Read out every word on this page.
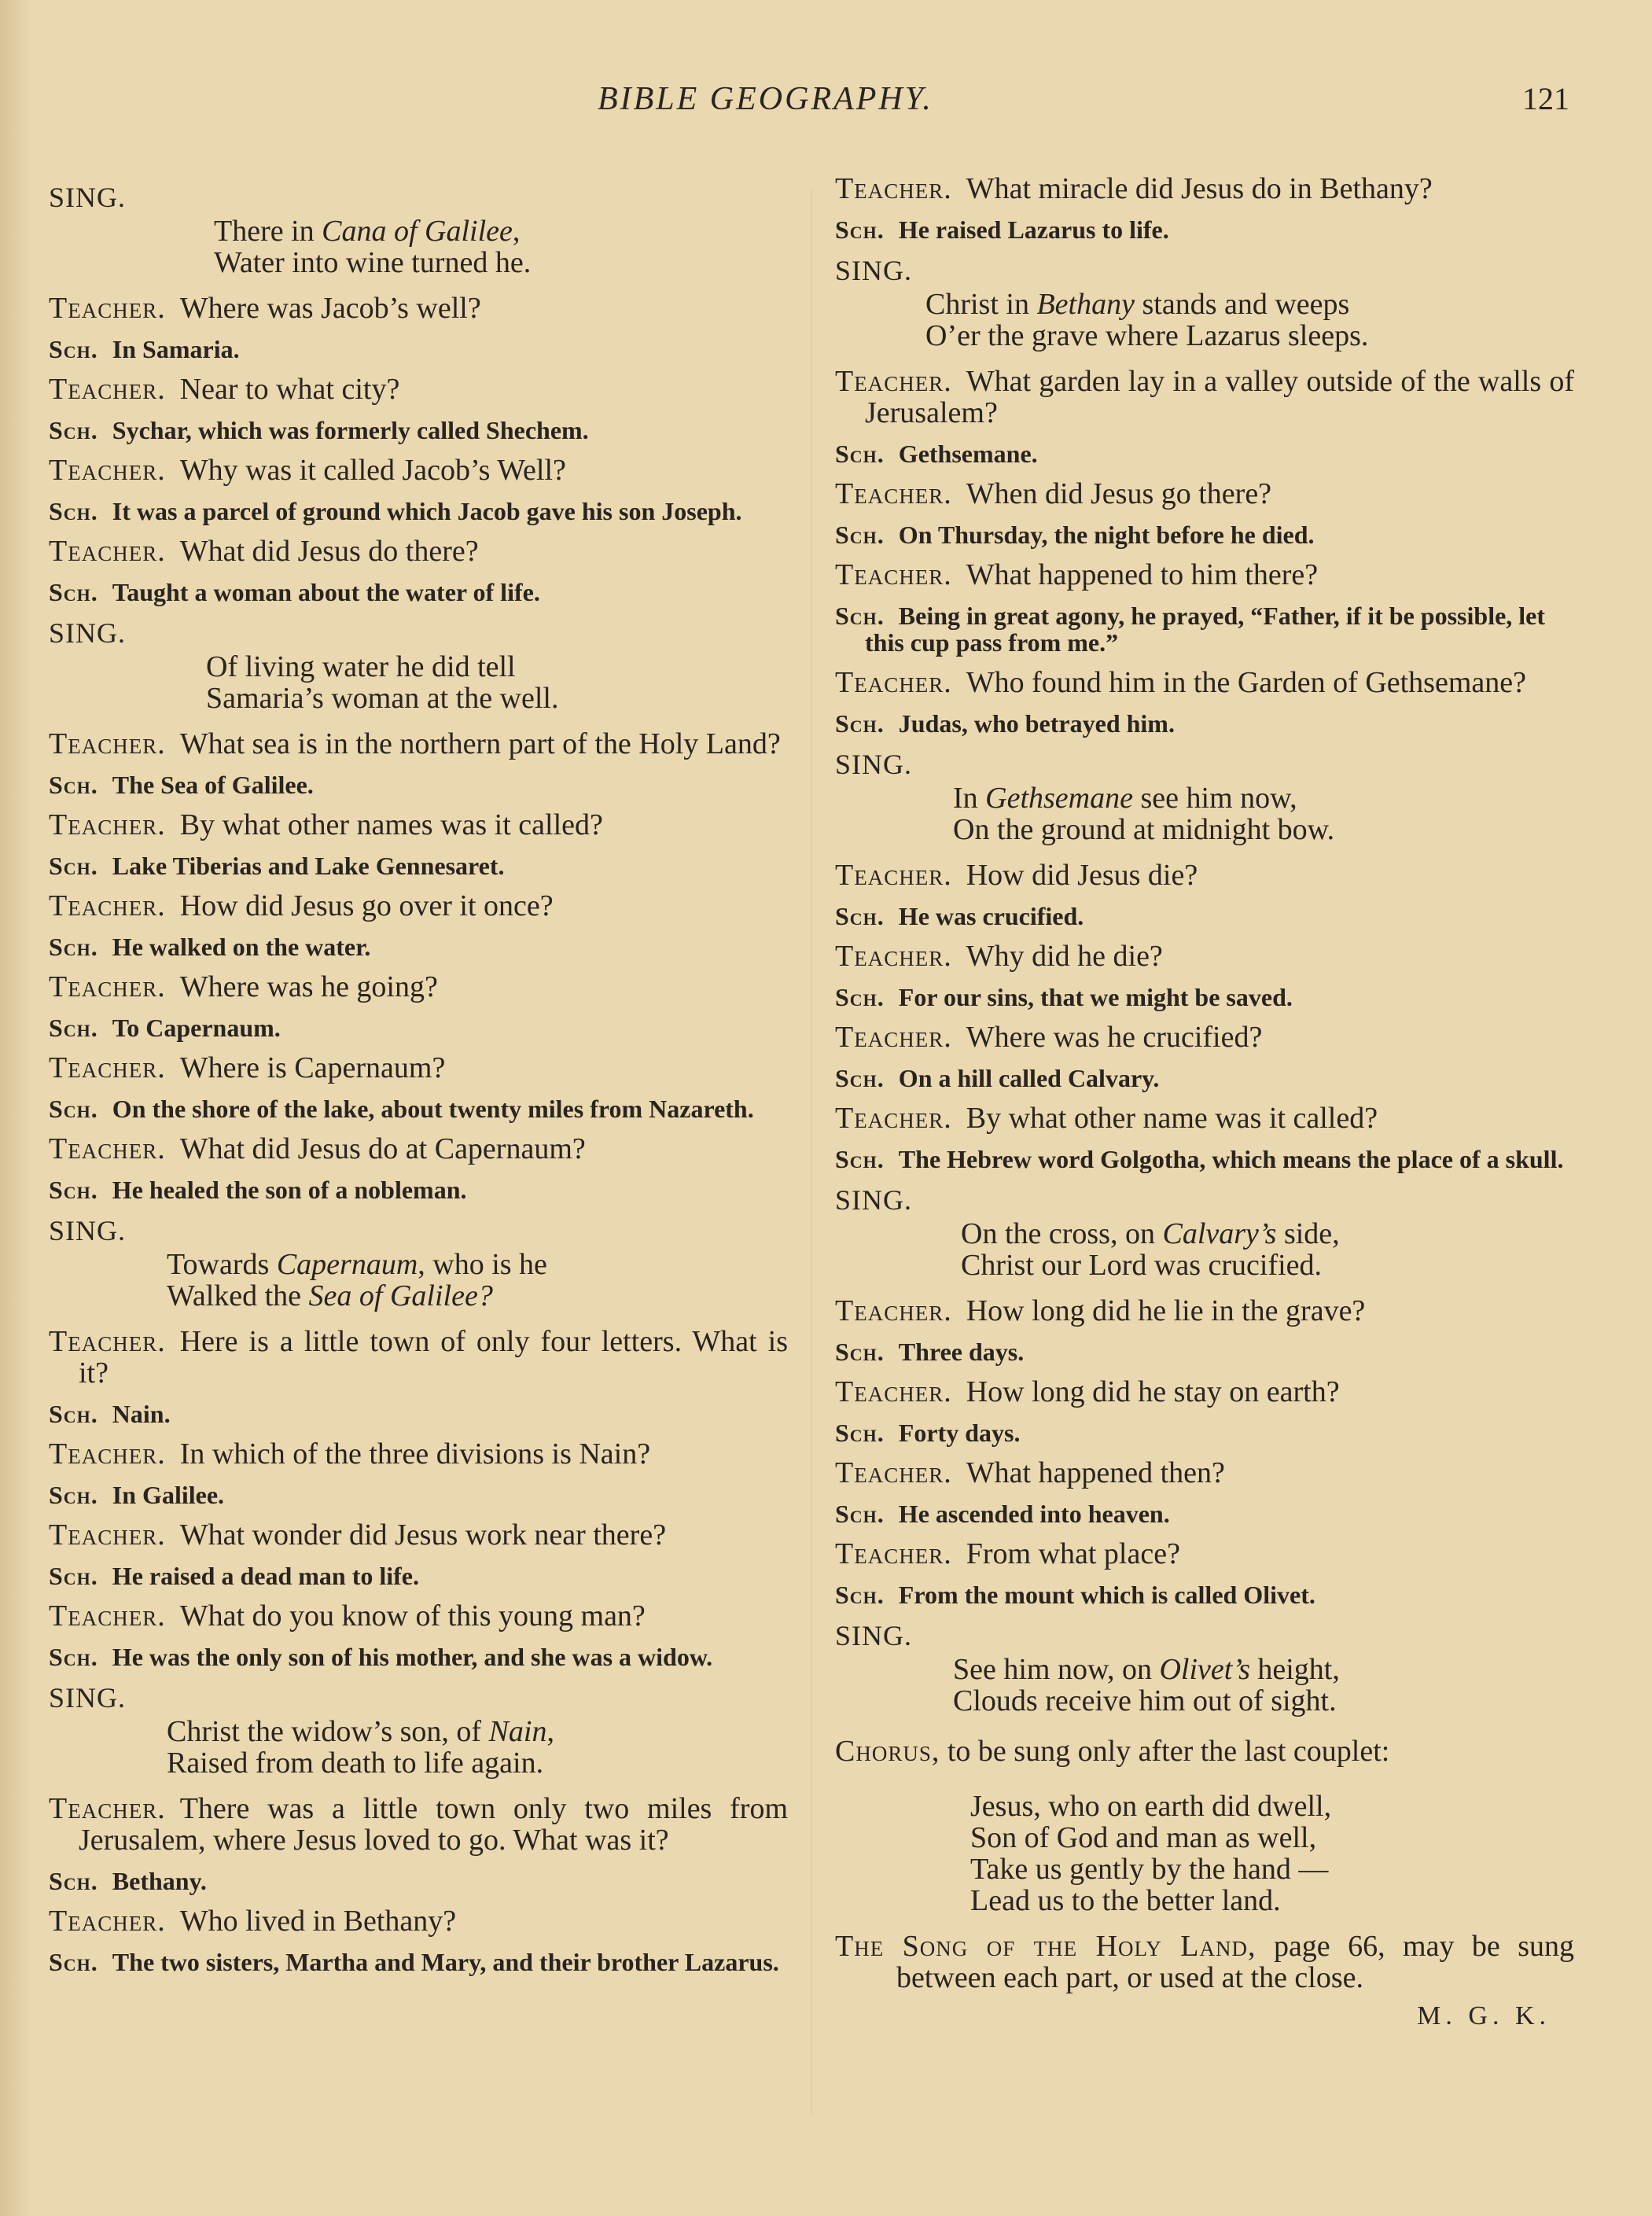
BIBLE GEOGRAPHY.	121
SING.
There in Cana of Galilee,
Water into wine turned he.
Teacher. Where was Jacob’s well?
Sch. In Samaria.
Teacher. Near to what city?
Sch. Sychar, which was formerly called Shechem.
Teacher. Why was it called Jacob’s Well?
Sch. It was a parcel of ground which Jacob gave his son Joseph.
Teacher. What did Jesus do there?
Sch. Taught a woman about the water of life.
SING.
Of living water he did tell
Samaria’s woman at the well.
Teacher. What sea is in the northern part of the Holy Land?
Sch. The Sea of Galilee.
Teacher. By what other names was it called?
Sch. Lake Tiberias and Lake Gennesaret.
Teacher. How did Jesus go over it once?
Sch. He walked on the water.
Teacher. Where was he going?
Sch. To Capernaum.
Teacher. Where is Capernaum?
Sch. On the shore of the lake, about twenty miles from Nazareth.
Teacher. What did Jesus do at Capernaum?
Sch. He healed the son of a nobleman.
SING.
Towards Capernaum, who is he
Walked the Sea of Galilee?
Teacher. Here is a little town of only four letters. What is it?
Sch. Nain.
Teacher. In which of the three divisions is Nain?
Sch. In Galilee.
Teacher. What wonder did Jesus work near there?
Sch. He raised a dead man to life.
Teacher. What do you know of this young man?
Sch. He was the only son of his mother, and she was a widow.
SING.
Christ the widow’s son, of Nain,
Raised from death to life again.
Teacher. There was a little town only two miles from Jerusalem, where Jesus loved to go. What was it?
Sch. Bethany.
Teacher. Who lived in Bethany?
Sch. The two sisters, Martha and Mary, and their brother Lazarus.
Teacher. What miracle did Jesus do in Bethany?
Sch. He raised Lazarus to life.
SING.
Christ in Bethany stands and weeps
O’er the grave where Lazarus sleeps.
Teacher. What garden lay in a valley outside of the walls of Jerusalem?
Sch. Gethsemane.
Teacher. When did Jesus go there?
Sch. On Thursday, the night before he died.
Teacher. What happened to him there?
Sch. Being in great agony, he prayed, “Father, if it be possible, let this cup pass from me.”
Teacher. Who found him in the Garden of Gethsemane?
Sch. Judas, who betrayed him.
SING.
In Gethsemane see him now,
On the ground at midnight bow.
Teacher. How did Jesus die?
Sch. He was crucified.
Teacher. Why did he die?
Sch. For our sins, that we might be saved.
Teacher. Where was he crucified?
Sch. On a hill called Calvary.
Teacher. By what other name was it called?
Sch. The Hebrew word Golgotha, which means the place of a skull.
SING.
On the cross, on Calvary’s side,
Christ our Lord was crucified.
Teacher. How long did he lie in the grave?
Sch. Three days.
Teacher. How long did he stay on earth?
Sch. Forty days.
Teacher. What happened then?
Sch. He ascended into heaven.
Teacher. From what place?
Sch. From the mount which is called Olivet.
SING.
See him now, on Olivet’s height,
Clouds receive him out of sight.
Chorus, to be sung only after the last couplet:
Jesus, who on earth did dwell,
Son of God and man as well,
Take us gently by the hand —
Lead us to the better land.
The Song of the Holy Land, page 66, may be sung between each part, or used at the close.
M. G. K.
